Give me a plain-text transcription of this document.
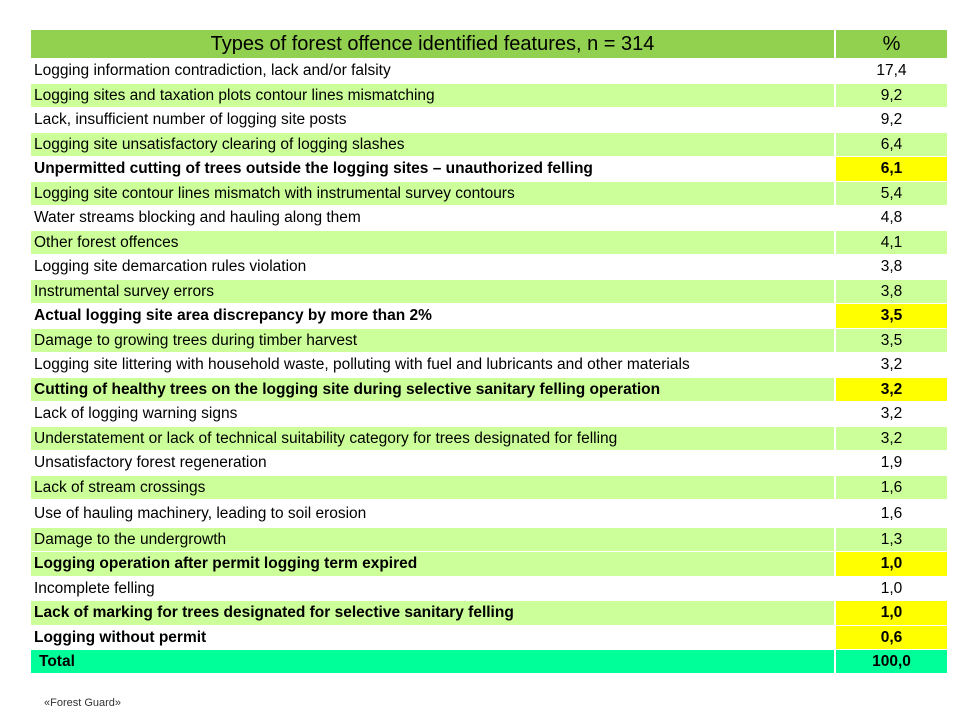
Types of forest offence identified features, n = 314	%
Logging information contradiction, lack and/or falsity	17,4
Logging sites and taxation plots contour lines mismatching	9,2
Lack, insufficient number of logging site posts	9,2
Logging site unsatisfactory clearing of logging slashes	6,4
Unpermitted cutting of trees outside the logging sites – unauthorized felling	6,1
Logging site contour lines mismatch with instrumental survey contours	5,4
Water streams blocking and hauling along them	4,8
Other forest offences	4,1
Logging site demarcation rules violation	3,8
Instrumental survey errors	3,8
Actual logging site area discrepancy by more than 2%	3,5
Damage to growing trees during timber harvest	3,5
Logging site littering with household waste, polluting with fuel and lubricants and other materials	3,2
Cutting of healthy trees on the logging site during selective sanitary felling operation	3,2
Lack of logging warning signs	3,2
Understatement or lack of technical suitability category for trees designated for felling	3,2
Unsatisfactory forest regeneration	1,9
Lack of stream crossings	1,6
Use of hauling machinery, leading to soil erosion	1,6
Damage to the undergrowth	1,3
Logging operation after permit logging term expired	1,0
Incomplete felling	1,0
Lack of marking for trees designated for selective sanitary felling	1,0
Logging without permit	0,6
Total	100,0
«Forest Guard»
